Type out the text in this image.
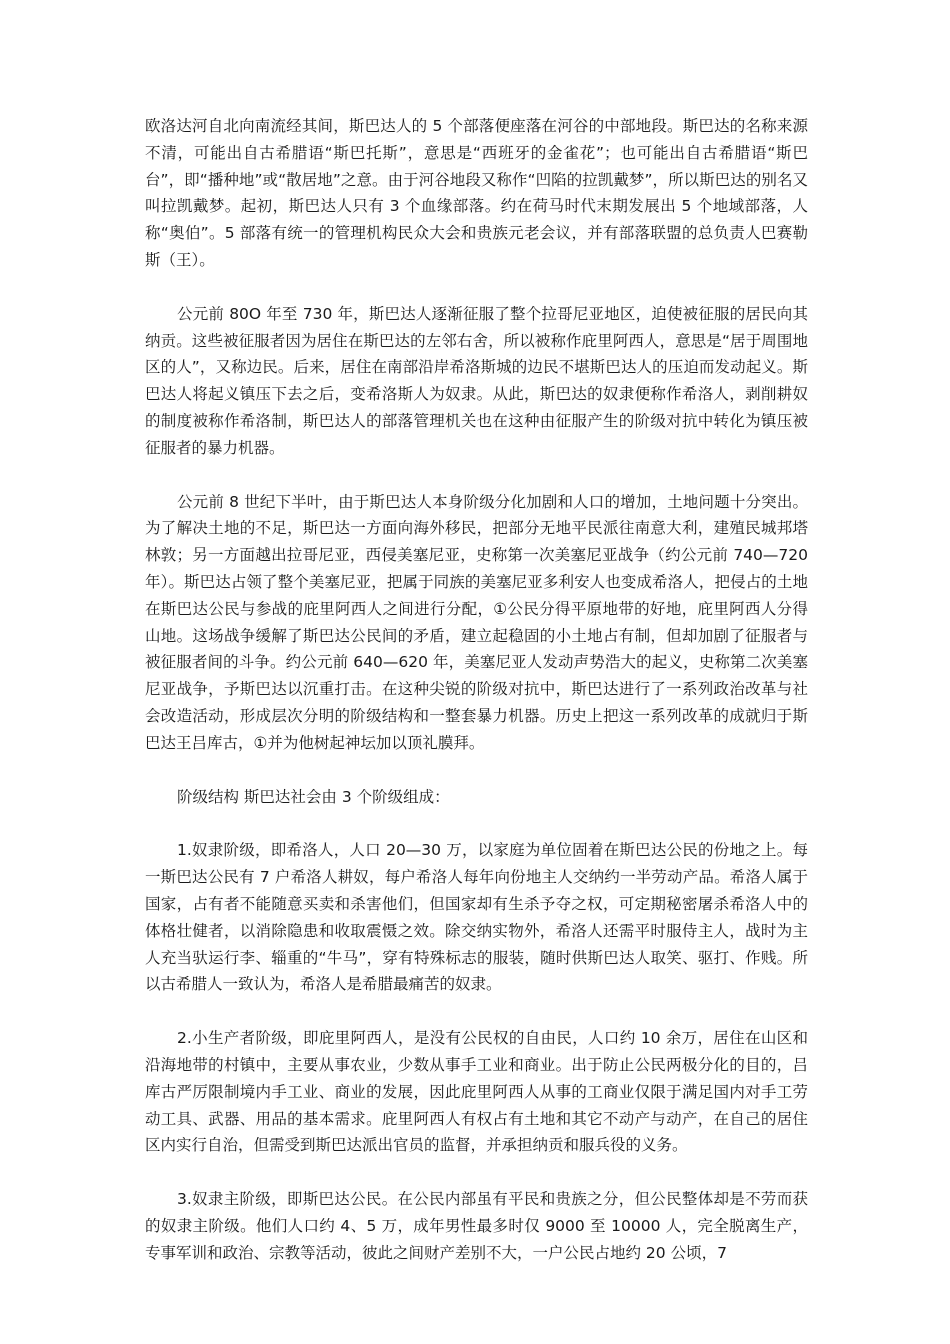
欧洛达河自北向南流经其间，斯巴达人的 5 个部落便座落在河谷的中部地段。斯巴达的名称来源不清，可能出自古希腊语“斯巴托斯”，意思是“西班牙的金雀花”；也可能出自古希腊语“斯巴台”，即“播种地”或“散居地”之意。由于河谷地段又称作“凹陷的拉凯戴梦”，所以斯巴达的别名又叫拉凯戴梦。起初，斯巴达人只有 3 个血缘部落。约在荷马时代末期发展出 5 个地域部落，人称“奥伯”。5 部落有统一的管理机构民众大会和贵族元老会议，并有部落联盟的总负责人巴赛勒斯（王）。

公元前 80O 年至 730 年，斯巴达人逐渐征服了整个拉哥尼亚地区，迫使被征服的居民向其纳贡。这些被征服者因为居住在斯巴达的左邻右舍，所以被称作庇里阿西人，意思是“居于周围地区的人”，又称边民。后来，居住在南部沿岸希洛斯城的边民不堪斯巴达人的压迫而发动起义。斯巴达人将起义镇压下去之后，变希洛斯人为奴隶。从此，斯巴达的奴隶便称作希洛人，剥削耕奴的制度被称作希洛制，斯巴达人的部落管理机关也在这种由征服产生的阶级对抗中转化为镇压被征服者的暴力机器。

公元前 8 世纪下半叶，由于斯巴达人本身阶级分化加剧和人口的增加，土地问题十分突出。为了解决土地的不足，斯巴达一方面向海外移民，把部分无地平民派往南意大利，建殖民城邦塔林敦；另一方面越出拉哥尼亚，西侵美塞尼亚，史称第一次美塞尼亚战争（约公元前 740—720 年）。斯巴达占领了整个美塞尼亚，把属于同族的美塞尼亚多利安人也变成希洛人，把侵占的土地在斯巴达公民与参战的庇里阿西人之间进行分配，①公民分得平原地带的好地，庇里阿西人分得山地。这场战争缓解了斯巴达公民间的矛盾，建立起稳固的小土地占有制，但却加剧了征服者与被征服者间的斗争。约公元前 640—620 年，美塞尼亚人发动声势浩大的起义，史称第二次美塞尼亚战争，予斯巴达以沉重打击。在这种尖锐的阶级对抗中，斯巴达进行了一系列政治改革与社会改造活动，形成层次分明的阶级结构和一整套暴力机器。历史上把这一系列改革的成就归于斯巴达王吕库古，①并为他树起神坛加以顶礼膜拜。

阶级结构 斯巴达社会由 3 个阶级组成：

1.奴隶阶级，即希洛人，人口 20—30 万，以家庭为单位固着在斯巴达公民的份地之上。每一斯巴达公民有 7 户希洛人耕奴，每户希洛人每年向份地主人交纳约一半劳动产品。希洛人属于国家，占有者不能随意买卖和杀害他们，但国家却有生杀予夺之权，可定期秘密屠杀希洛人中的体格壮健者，以消除隐患和收取震慑之效。除交纳实物外，希洛人还需平时服侍主人，战时为主人充当驮运行李、辎重的“牛马”，穿有特殊标志的服装，随时供斯巴达人取笑、驱打、作贱。所以古希腊人一致认为，希洛人是希腊最痛苦的奴隶。

2.小生产者阶级，即庇里阿西人，是没有公民权的自由民，人口约 10 余万，居住在山区和沿海地带的村镇中，主要从事农业，少数从事手工业和商业。出于防止公民两极分化的目的，吕库古严厉限制境内手工业、商业的发展，因此庇里阿西人从事的工商业仅限于满足国内对手工劳动工具、武器、用品的基本需求。庇里阿西人有权占有土地和其它不动产与动产，在自己的居住区内实行自治，但需受到斯巴达派出官员的监督，并承担纳贡和服兵役的义务。

3.奴隶主阶级，即斯巴达公民。在公民内部虽有平民和贵族之分，但公民整体却是不劳而获的奴隶主阶级。他们人口约 4、5 万，成年男性最多时仅 9000 至 10000 人，完全脱离生产，专事军训和政治、宗教等活动，彼此之间财产差别不大，一户公民占地约 20 公顷，7
